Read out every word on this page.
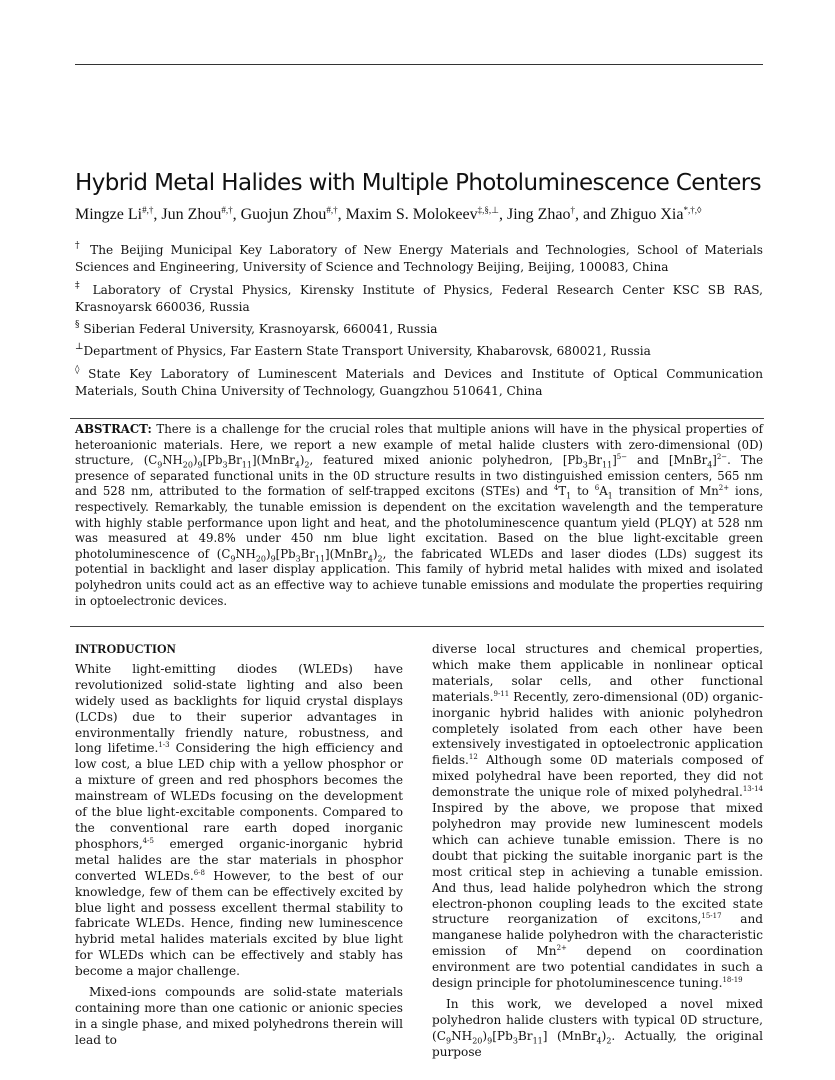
Hybrid Metal Halides with Multiple Photoluminescence Centers
Mingze Li#,†, Jun Zhou#,†, Guojun Zhou#,†, Maxim S. Molokeev‡,§,⊥, Jing Zhao†, and Zhiguo Xia*,†,◊
† The Beijing Municipal Key Laboratory of New Energy Materials and Technologies, School of Materials Sciences and Engineering, University of Science and Technology Beijing, Beijing, 100083, China
‡ Laboratory of Crystal Physics, Kirensky Institute of Physics, Federal Research Center KSC SB RAS, Krasnoyarsk 660036, Russia
§ Siberian Federal University, Krasnoyarsk, 660041, Russia
⊥Department of Physics, Far Eastern State Transport University, Khabarovsk, 680021, Russia
◊ State Key Laboratory of Luminescent Materials and Devices and Institute of Optical Communication Materials, South China University of Technology, Guangzhou 510641, China
ABSTRACT: There is a challenge for the crucial roles that multiple anions will have in the physical properties of heteroanionic materials. Here, we report a new example of metal halide clusters with zero-dimensional (0D) structure, $(C_9NH_{20})_9[Pb_3Br_{11}](MnBr_4)_2$, featured mixed anionic polyhedron, $[Pb_3Br_{11}]^{5-}$ and [MnBr$_4$]$^{2-}$. The presence of separated functional units in the 0D structure results in two distinguished emission centers, 565 nm and 528 nm, attributed to the formation of self-trapped excitons (STEs) and $^4T_1$ to $^6A_1$ transition of $Mn^{2+}$ ions, respectively. Remarkably, the tunable emission is dependent on the excitation wavelength and the temperature with highly stable performance upon light and heat, and the photoluminescence quantum yield (PLQY) at 528 nm was measured at 49.8% under 450 nm blue light excitation. Based on the blue light-excitable green photoluminescence of $(C_9NH_{20})_9[Pb_3Br_{11}](MnBr_4)_2$, the fabricated WLEDs and laser diodes (LDs) suggest its potential in backlight and laser display application. This family of hybrid metal halides with mixed and isolated polyhedron units could act as an effective way to achieve tunable emissions and modulate the properties requiring in optoelectronic devices.
INTRODUCTION
White light-emitting diodes (WLEDs) have revolutionized solid-state lighting and also been widely used as backlights for liquid crystal displays (LCDs) due to their superior advantages in environmentally friendly nature, robustness, and long lifetime.$^{1-3}$ Considering the high efficiency and low cost, a blue LED chip with a yellow phosphor or a mixture of green and red phosphors becomes the mainstream of WLEDs focusing on the development of the blue light-excitable components. Compared to the conventional rare earth doped inorganic phosphors,$^{4-5}$ emerged organic-inorganic hybrid metal halides are the star materials in phosphor converted WLEDs.$^{6-8}$ However, to the best of our knowledge, few of them can be effectively excited by blue light and possess excellent thermal stability to fabricate WLEDs. Hence, finding new luminescence hybrid metal halides materials excited by blue light for WLEDs which can be effectively and stably has become a major challenge.
Mixed-ions compounds are solid-state materials containing more than one cationic or anionic species in a single phase, and mixed polyhedrons therein will lead to
diverse local structures and chemical properties, which make them applicable in nonlinear optical materials, solar cells, and other functional materials.$^{9-11}$ Recently, zero-dimensional (0D) organic-inorganic hybrid halides with anionic polyhedron completely isolated from each other have been extensively investigated in optoelectronic application fields.$^{12}$ Although some 0D materials composed of mixed polyhedral have been reported, they did not demonstrate the unique role of mixed polyhedral.$^{13-14}$ Inspired by the above, we propose that mixed polyhedron may provide new luminescent models which can achieve tunable emission. There is no doubt that picking the suitable inorganic part is the most critical step in achieving a tunable emission. And thus, lead halide polyhedron which the strong electron-phonon coupling leads to the excited state structure reorganization of excitons,$^{15-17}$ and manganese halide polyhedron with the characteristic emission of $Mn^{2+}$ depend on coordination environment are two potential candidates in such a design principle for photoluminescence tuning.$^{18-19}$
In this work, we developed a novel mixed polyhedron halide clusters with typical 0D structure, $(C_9NH_{20})_9[Pb_3Br_{11}]$ $(MnBr_4)_2$. Actually, the original purpose
